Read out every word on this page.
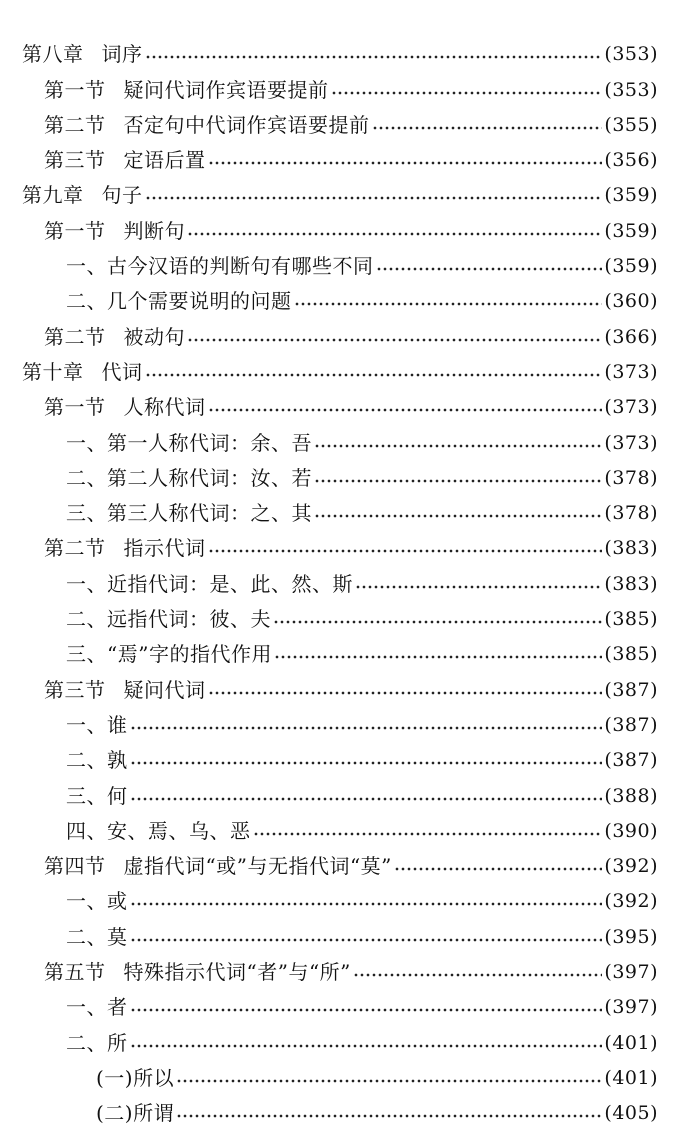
第八章 词序	(353)
第一节 疑问代词作宾语要提前	(353)
第二节 否定句中代词作宾语要提前	(355)
第三节 定语后置	(356)
第九章 句子	(359)
第一节 判断句	(359)
一、古今汉语的判断句有哪些不同	(359)
二、几个需要说明的问题	(360)
第二节 被动句	(366)
第十章 代词	(373)
第一节 人称代词	(373)
一、第一人称代词：余、吾	(373)
二、第二人称代词：汝、若	(378)
三、第三人称代词：之、其	(378)
第二节 指示代词	(383)
一、近指代词：是、此、然、斯	(383)
二、远指代词：彼、夫	(385)
三、“焉”字的指代作用	(385)
第三节 疑问代词	(387)
一、谁	(387)
二、孰	(387)
三、何	(388)
四、安、焉、乌、恶	(390)
第四节 虚指代词“或”与无指代词“莫”	(392)
一、或	(392)
二、莫	(395)
第五节 特殊指示代词“者”与“所”	(397)
一、者	(397)
二、所	(401)
(一)所以	(401)
(二)所谓	(405)
